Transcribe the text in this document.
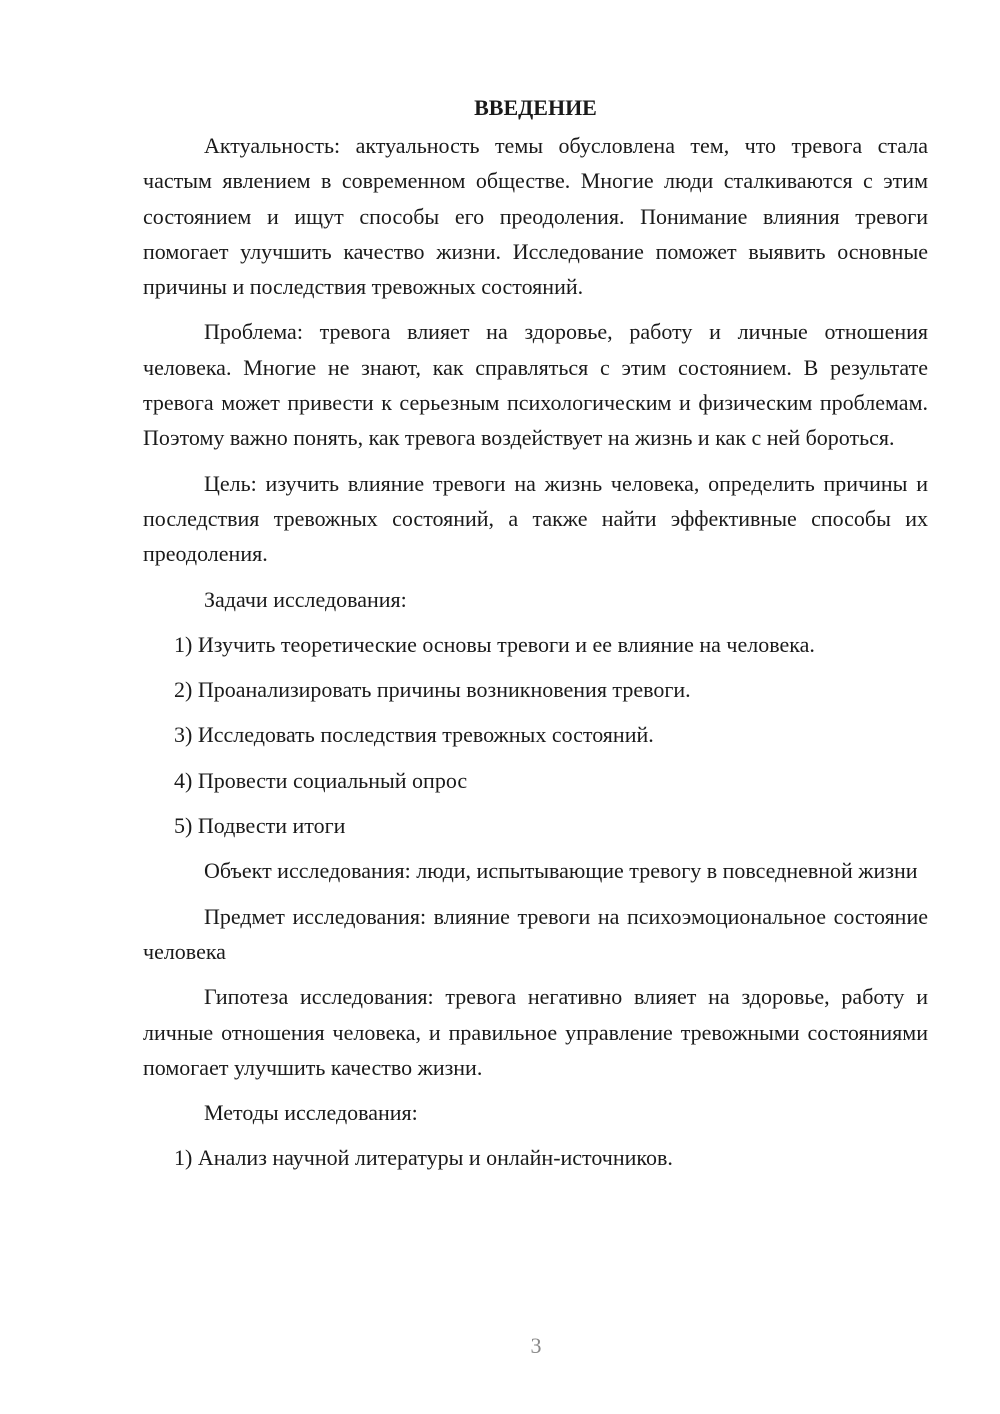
ВВЕДЕНИЕ

Актуальность: актуальность темы обусловлена тем, что тревога стала частым явлением в современном обществе. Многие люди сталкиваются с этим состоянием и ищут способы его преодоления. Понимание влияния тревоги помогает улучшить качество жизни. Исследование поможет выявить основные причины и последствия тревожных состояний.

Проблема: тревога влияет на здоровье, работу и личные отношения человека. Многие не знают, как справляться с этим состоянием. В результате тревога может привести к серьезным психологическим и физическим проблемам. Поэтому важно понять, как тревога воздействует на жизнь и как с ней бороться.

Цель: изучить влияние тревоги на жизнь человека, определить причины и последствия тревожных состояний, а также найти эффективные способы их преодоления.

Задачи исследования:

1) Изучить теоретические основы тревоги и ее влияние на человека.
2) Проанализировать причины возникновения тревоги.
3) Исследовать последствия тревожных состояний.
4) Провести социальный опрос
5) Подвести итоги

Объект исследования: люди, испытывающие тревогу в повседневной жизни

Предмет исследования: влияние тревоги на психоэмоциональное состояние человека

Гипотеза исследования: тревога негативно влияет на здоровье, работу и личные отношения человека, и правильное управление тревожными состояниями помогает улучшить качество жизни.

Методы исследования:

1) Анализ научной литературы и онлайн-источников.
3
